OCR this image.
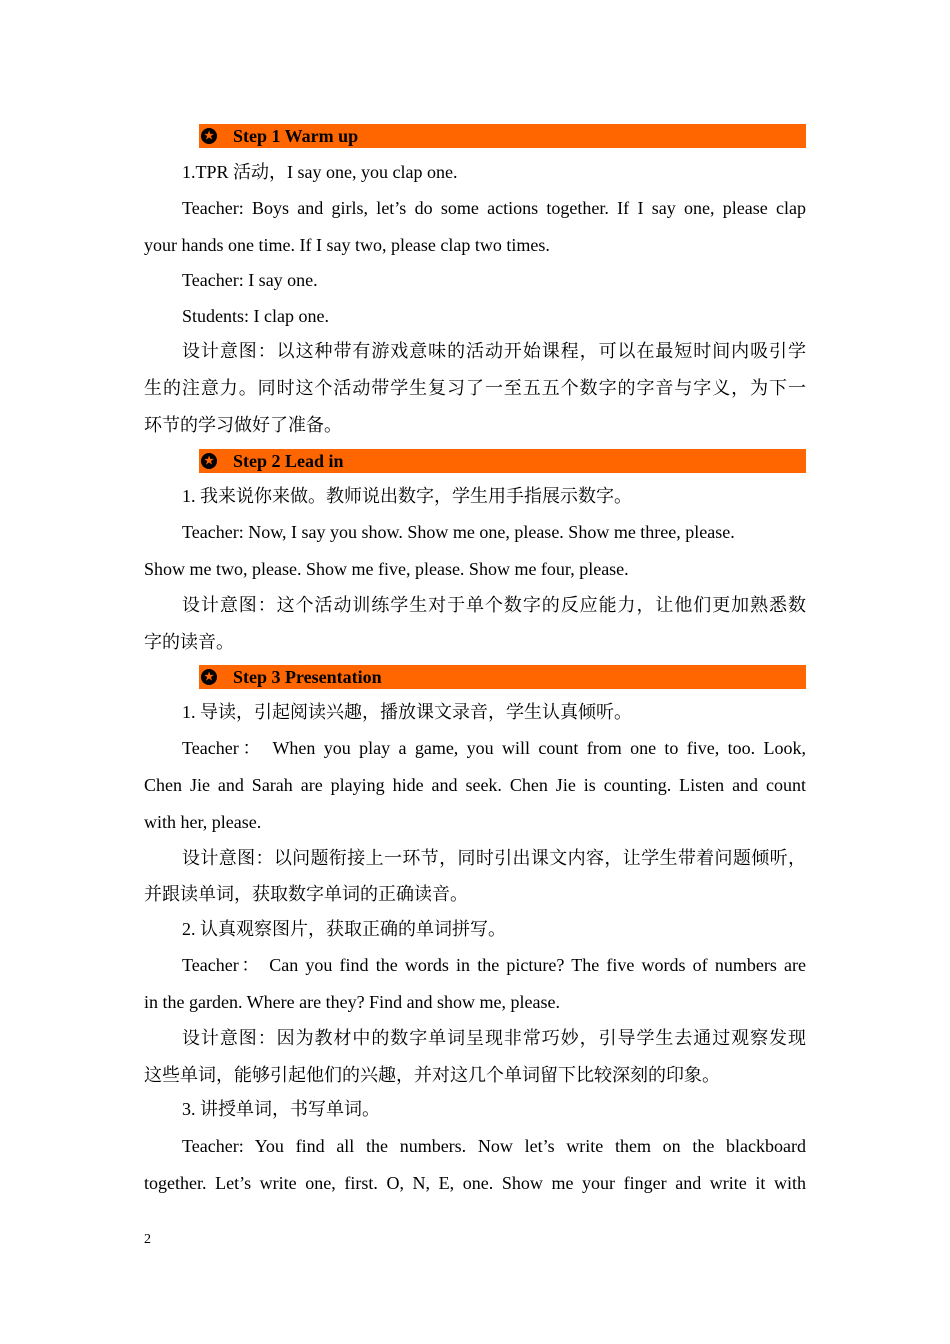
★ Step 1 Warm up
1.TPR 活动，I say one, you clap one.
Teacher: Boys and girls, let’s do some actions together. If I say one, please clap
your hands one time. If I say two, please clap two times.
Teacher: I say one.
Students: I clap one.
设计意图：以这种带有游戏意味的活动开始课程，可以在最短时间内吸引学
生的注意力。同时这个活动带学生复习了一至五五个数字的字音与字义，为下一
环节的学习做好了准备。
★ Step 2 Lead in
1. 我来说你来做。教师说出数字，学生用手指展示数字。
Teacher: Now, I say you show. Show me one, please. Show me three, please.
Show me two, please. Show me five, please. Show me four, please.
设计意图：这个活动训练学生对于单个数字的反应能力，让他们更加熟悉数
字的读音。
★ Step 3 Presentation
1. 导读，引起阅读兴趣，播放课文录音，学生认真倾听。
Teacher： When you play a game, you will count from one to five, too. Look,
Chen Jie and Sarah are playing hide and seek. Chen Jie is counting. Listen and count
with her, please.
设计意图：以问题衔接上一环节，同时引出课文内容，让学生带着问题倾听，
并跟读单词，获取数字单词的正确读音。
2. 认真观察图片，获取正确的单词拼写。
Teacher： Can you find the words in the picture? The five words of numbers are
in the garden. Where are they? Find and show me, please.
设计意图：因为教材中的数字单词呈现非常巧妙，引导学生去通过观察发现
这些单词，能够引起他们的兴趣，并对这几个单词留下比较深刻的印象。
3. 讲授单词，书写单词。
Teacher: You find all the numbers. Now let’s write them on the blackboard
together. Let’s write one, first. O, N, E, one. Show me your finger and write it with
2
